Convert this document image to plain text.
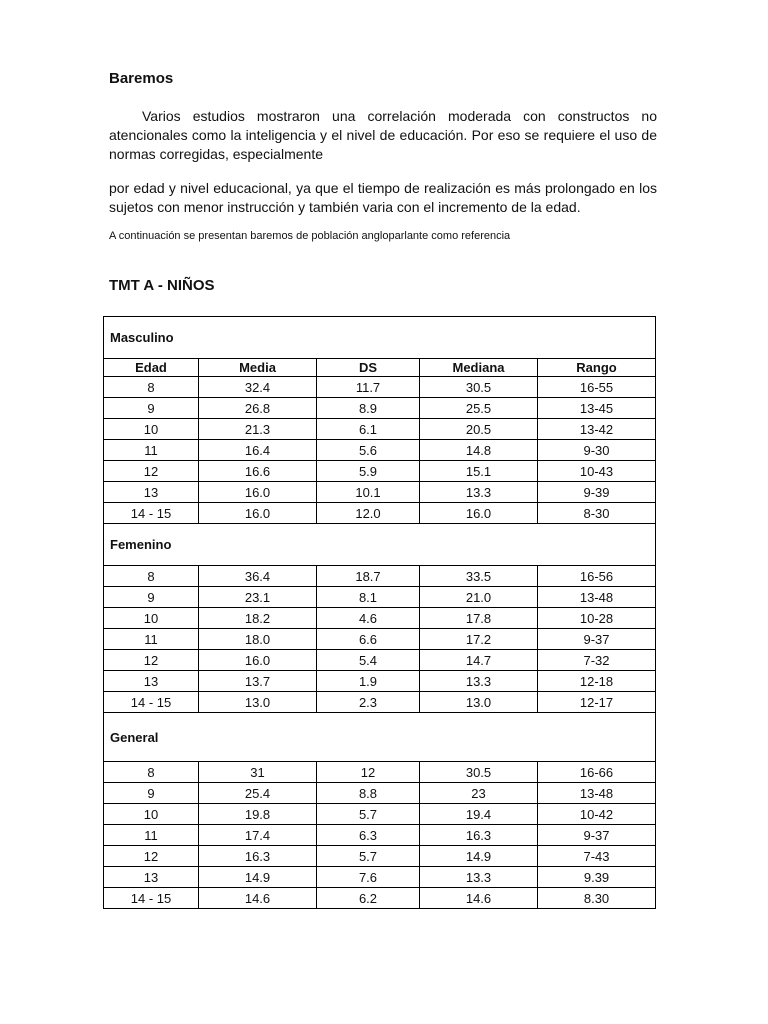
Baremos

Varios estudios mostraron una correlación moderada con constructos no atencionales como la inteligencia y el nivel de educación. Por eso se requiere el uso de normas corregidas, especialmente

por edad y nivel educacional, ya que el tiempo de realización es más prolongado en los sujetos con menor instrucción y también varia con el incremento de la edad.

A continuación se presentan baremos de población angloparlante como referencia

TMT A - NIÑOS
Masculino				
Edad	Media	DS	Mediana	Rango
8	32.4	11.7	30.5	16-55
9	26.8	8.9	25.5	13-45
10	21.3	6.1	20.5	13-42
11	16.4	5.6	14.8	9-30
12	16.6	5.9	15.1	10-43
13	16.0	10.1	13.3	9-39
14 - 15	16.0	12.0	16.0	8-30
Femenino				
8	36.4	18.7	33.5	16-56
9	23.1	8.1	21.0	13-48
10	18.2	4.6	17.8	10-28
11	18.0	6.6	17.2	9-37
12	16.0	5.4	14.7	7-32
13	13.7	1.9	13.3	12-18
14 - 15	13.0	2.3	13.0	12-17
General				
8	31	12	30.5	16-66
9	25.4	8.8	23	13-48
10	19.8	5.7	19.4	10-42
11	17.4	6.3	16.3	9-37
12	16.3	5.7	14.9	7-43
13	14.9	7.6	13.3	9.39
14 - 15	14.6	6.2	14.6	8.30
